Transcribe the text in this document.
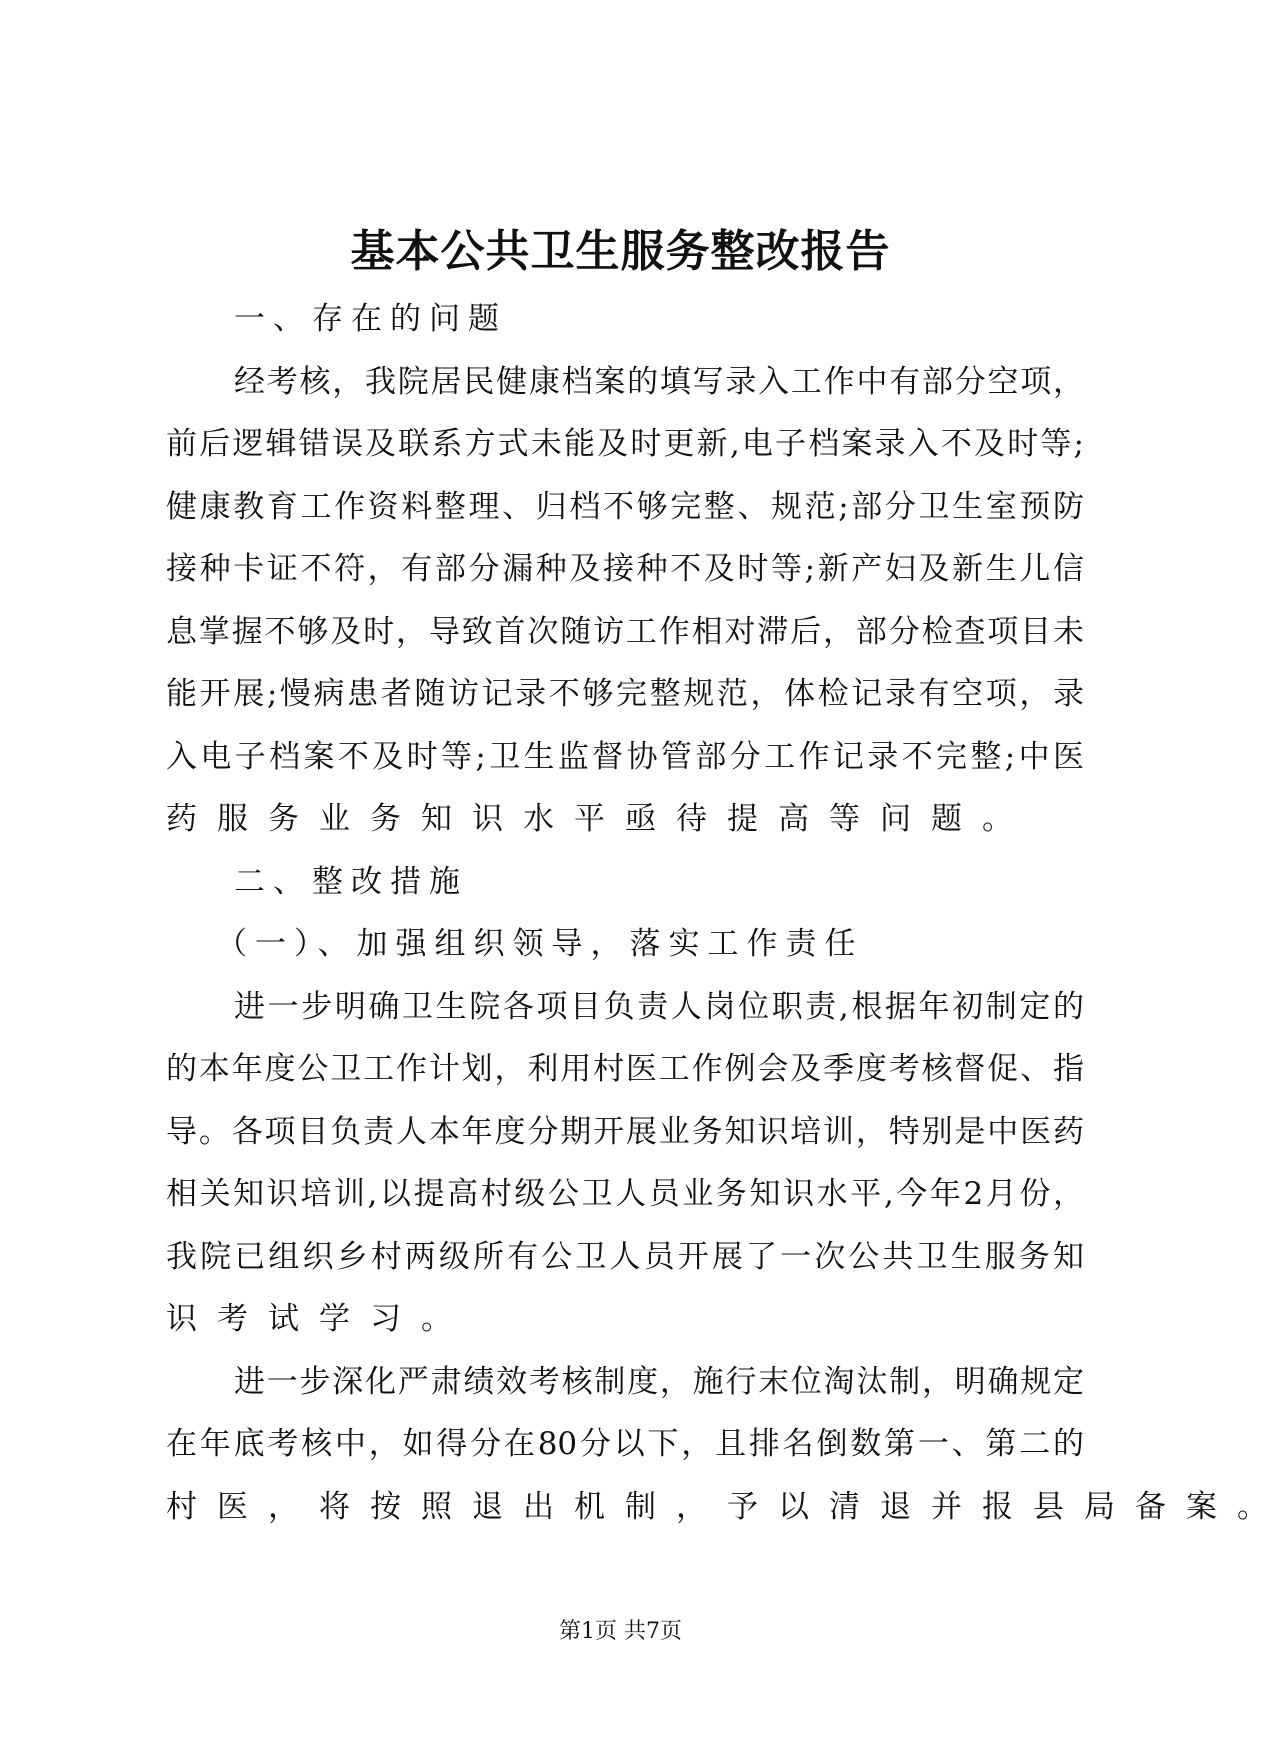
基本公共卫生服务整改报告
一、存在的问题
经考核，我院居民健康档案的填写录入工作中有部分空项，
前后逻辑错误及联系方式未能及时更新,电子档案录入不及时等;
健康教育工作资料整理、归档不够完整、规范;部分卫生室预防
接种卡证不符，有部分漏种及接种不及时等;新产妇及新生儿信
息掌握不够及时，导致首次随访工作相对滞后，部分检查项目未
能开展;慢病患者随访记录不够完整规范，体检记录有空项，录
入电子档案不及时等;卫生监督协管部分工作记录不完整;中医
药服务业务知识水平亟待提高等问题。
二、整改措施
（一）、加强组织领导，落实工作责任
进一步明确卫生院各项目负责人岗位职责,根据年初制定的
的本年度公卫工作计划，利用村医工作例会及季度考核督促、指
导。各项目负责人本年度分期开展业务知识培训，特别是中医药
相关知识培训,以提高村级公卫人员业务知识水平,今年2月份，
我院已组织乡村两级所有公卫人员开展了一次公共卫生服务知
识考试学习。
进一步深化严肃绩效考核制度，施行末位淘汰制，明确规定
在年底考核中，如得分在80分以下，且排名倒数第一、第二的
村医，将按照退出机制，予以清退并报县局备案。
第1页 共7页
